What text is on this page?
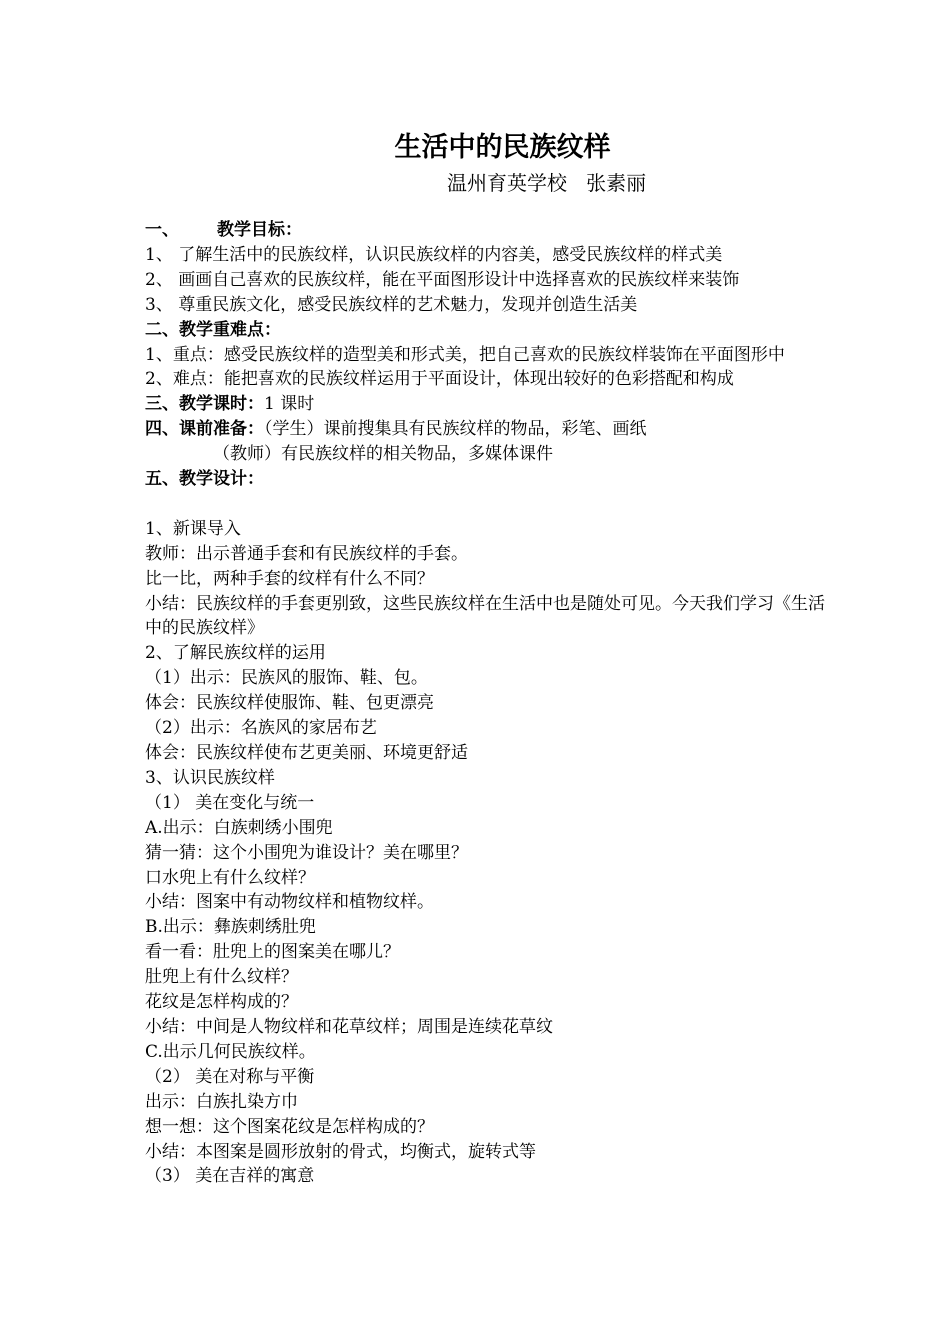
生活中的民族纹样
温州育英学校   张素丽
一、 教学目标：
1、 了解生活中的民族纹样，认识民族纹样的内容美，感受民族纹样的样式美
2、 画画自己喜欢的民族纹样，能在平面图形设计中选择喜欢的民族纹样来装饰
3、 尊重民族文化，感受民族纹样的艺术魅力，发现并创造生活美
二、教学重难点：
1、重点：感受民族纹样的造型美和形式美，把自己喜欢的民族纹样装饰在平面图形中
2、难点：能把喜欢的民族纹样运用于平面设计，体现出较好的色彩搭配和构成
三、教学课时：1 课时
四、课前准备：（学生）课前搜集具有民族纹样的物品，彩笔、画纸
（教师）有民族纹样的相关物品，多媒体课件
五、教学设计：
1、新课导入
教师：出示普通手套和有民族纹样的手套。
比一比，两种手套的纹样有什么不同？
小结：民族纹样的手套更别致，这些民族纹样在生活中也是随处可见。今天我们学习《生活中的民族纹样》
2、了解民族纹样的运用
（1）出示：民族风的服饰、鞋、包。
体会：民族纹样使服饰、鞋、包更漂亮
（2）出示：名族风的家居布艺
体会：民族纹样使布艺更美丽、环境更舒适
3、认识民族纹样
（1） 美在变化与统一
A.出示：白族刺绣小围兜
猜一猜：这个小围兜为谁设计？美在哪里？
口水兜上有什么纹样？
小结：图案中有动物纹样和植物纹样。
B.出示：彝族刺绣肚兜
看一看：肚兜上的图案美在哪儿？
肚兜上有什么纹样？
花纹是怎样构成的？
小结：中间是人物纹样和花草纹样；周围是连续花草纹
C.出示几何民族纹样。
（2） 美在对称与平衡
出示：白族扎染方巾
想一想：这个图案花纹是怎样构成的？
小结：本图案是圆形放射的骨式，均衡式，旋转式等
（3） 美在吉祥的寓意
